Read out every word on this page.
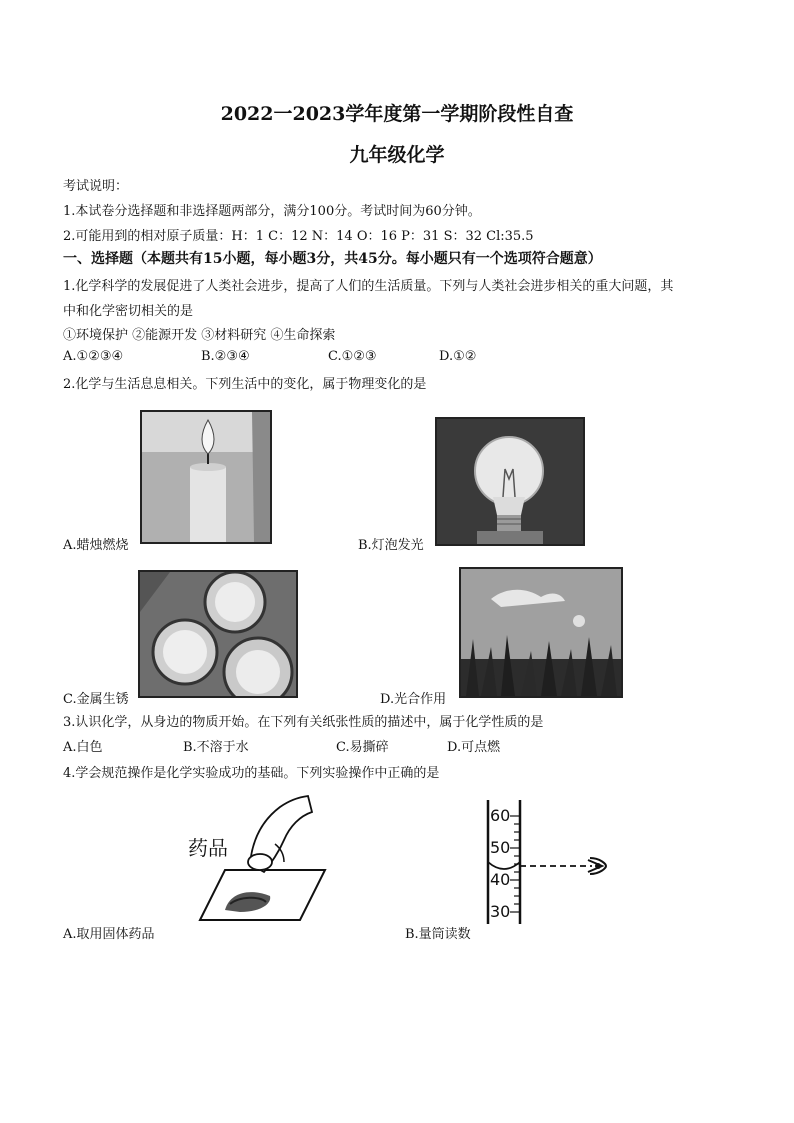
2022一2023学年度第一学期阶段性自查
九年级化学
考试说明：
1.本试卷分选择题和非选择题两部分，满分100分。考试时间为60分钟。
2.可能用到的相对原子质量：H：1 C：12 N：14 O：16 P：31 S：32 Cl:35.5
一、选择题（本题共有15小题，每小题3分，共45分。每小题只有一个选项符合题意）
1.化学科学的发展促进了人类社会进步，提高了人们的生活质量。下列与人类社会进步相关的重大问题，其
中和化学密切相关的是
①环境保护 ②能源开发 ③材料研究 ④生命探索
A.①②③④	B.②③④	C.①②③	D.①②
2.化学与生活息息相关。下列生活中的变化，属于物理变化的是
A.蜡烛燃烧	B.灯泡发光
C.金属生锈	D.光合作用
3.认识化学，从身边的物质开始。在下列有关纸张性质的描述中，属于化学性质的是
A.白色	B.不溶于水	C.易撕碎	D.可点燃
4.学会规范操作是化学实验成功的基础。下列实验操作中正确的是
药品
A.取用固体药品
60
50
40
30
B.量筒读数
